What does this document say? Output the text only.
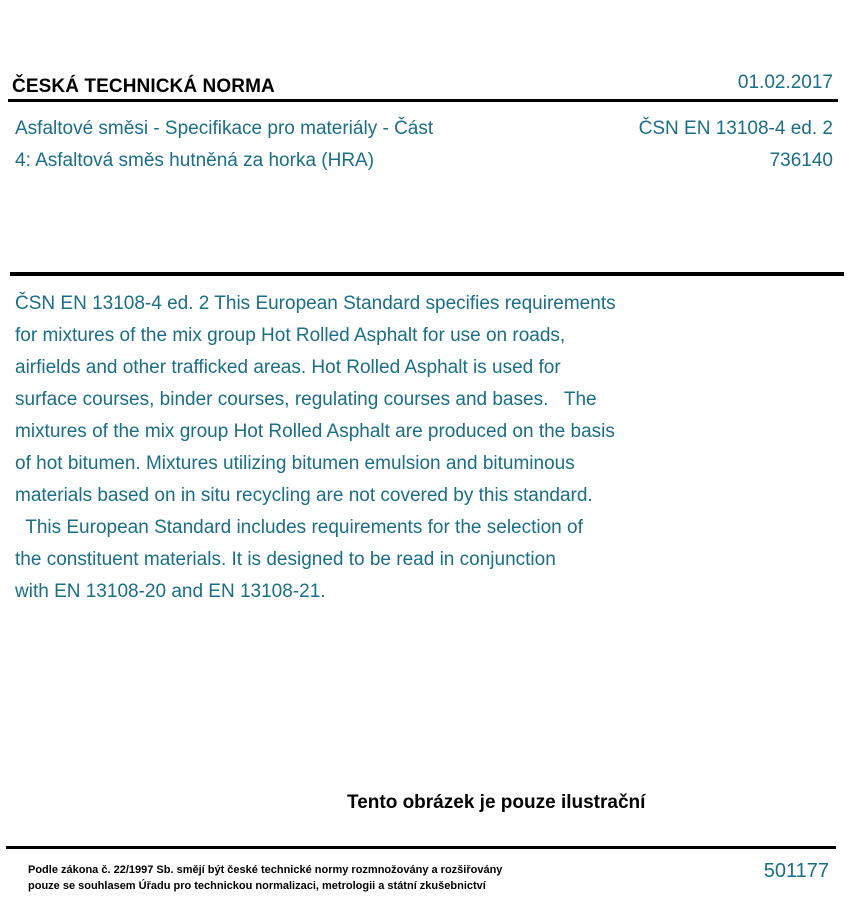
ČESKÁ TECHNICKÁ NORMA	01.02.2017
Asfaltové směsi - Specifikace pro materiály - Část
4: Asfaltová směs hutněná za horka (HRA)
ČSN EN 13108-4 ed. 2
736140
ČSN EN 13108-4 ed. 2 This European Standard specifies requirements
for mixtures of the mix group Hot Rolled Asphalt for use on roads,
airfields and other trafficked areas. Hot Rolled Asphalt is used for
surface courses, binder courses, regulating courses and bases.   The
mixtures of the mix group Hot Rolled Asphalt are produced on the basis
of hot bitumen. Mixtures utilizing bitumen emulsion and bituminous
materials based on in situ recycling are not covered by this standard.
This European Standard includes requirements for the selection of
the constituent materials. It is designed to be read in conjunction
with EN 13108-20 and EN 13108-21.
Tento obrázek je pouze ilustrační
Podle zákona č. 22/1997 Sb. smějí být české technické normy rozmnožovány a rozšiřovány
pouze se souhlasem Úřadu pro technickou normalizaci, metrologii a státní zkušebnictví
501177
